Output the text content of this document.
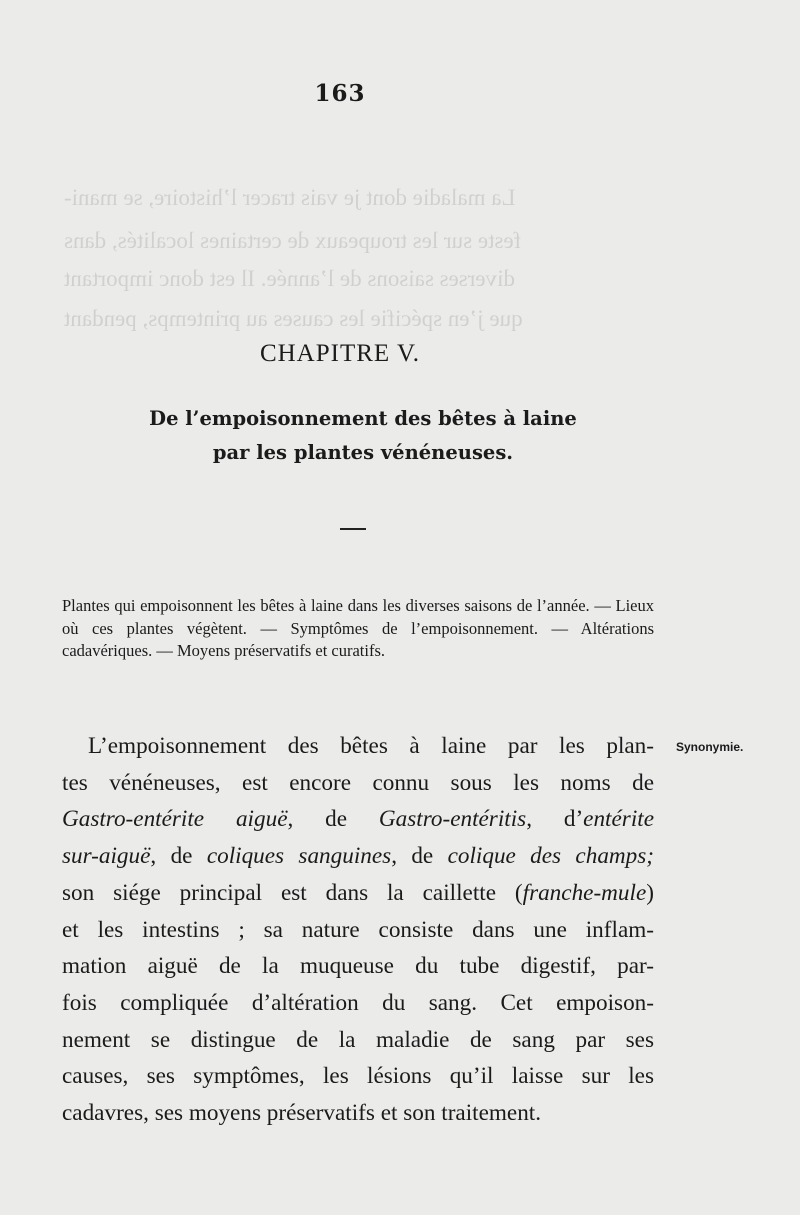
La maladie dont je vais tracer l’histoire, se mani-
feste sur les troupeaux de certaines localités, dans
diverses saisons de l’année. Il est donc important
que j’en spécifie les causes au printemps, pendant
163
CHAPITRE V.
De l’empoisonnement des bêtes à laine
par les plantes vénéneuses.
Plantes qui empoisonnent les bêtes à laine dans les diverses saisons de l’année. — Lieux où ces plantes végètent. — Symptômes de l’empoisonnement. — Altérations cadavériques. — Moyens préservatifs et curatifs.
Synonymie.
L’empoisonnement des bêtes à laine par les plan-
tes vénéneuses, est encore connu sous les noms de
Gastro-entérite aiguë, de Gastro-entéritis, d’entérite
sur-aiguë, de coliques sanguines, de colique des champs;
son siége principal est dans la caillette (franche-mule)
et les intestins ; sa nature consiste dans une inflam-
mation aiguë de la muqueuse du tube digestif, par-
fois compliquée d’altération du sang. Cet empoison-
nement se distingue de la maladie de sang par ses
causes, ses symptômes, les lésions qu’il laisse sur les
cadavres, ses moyens préservatifs et son traitement.
